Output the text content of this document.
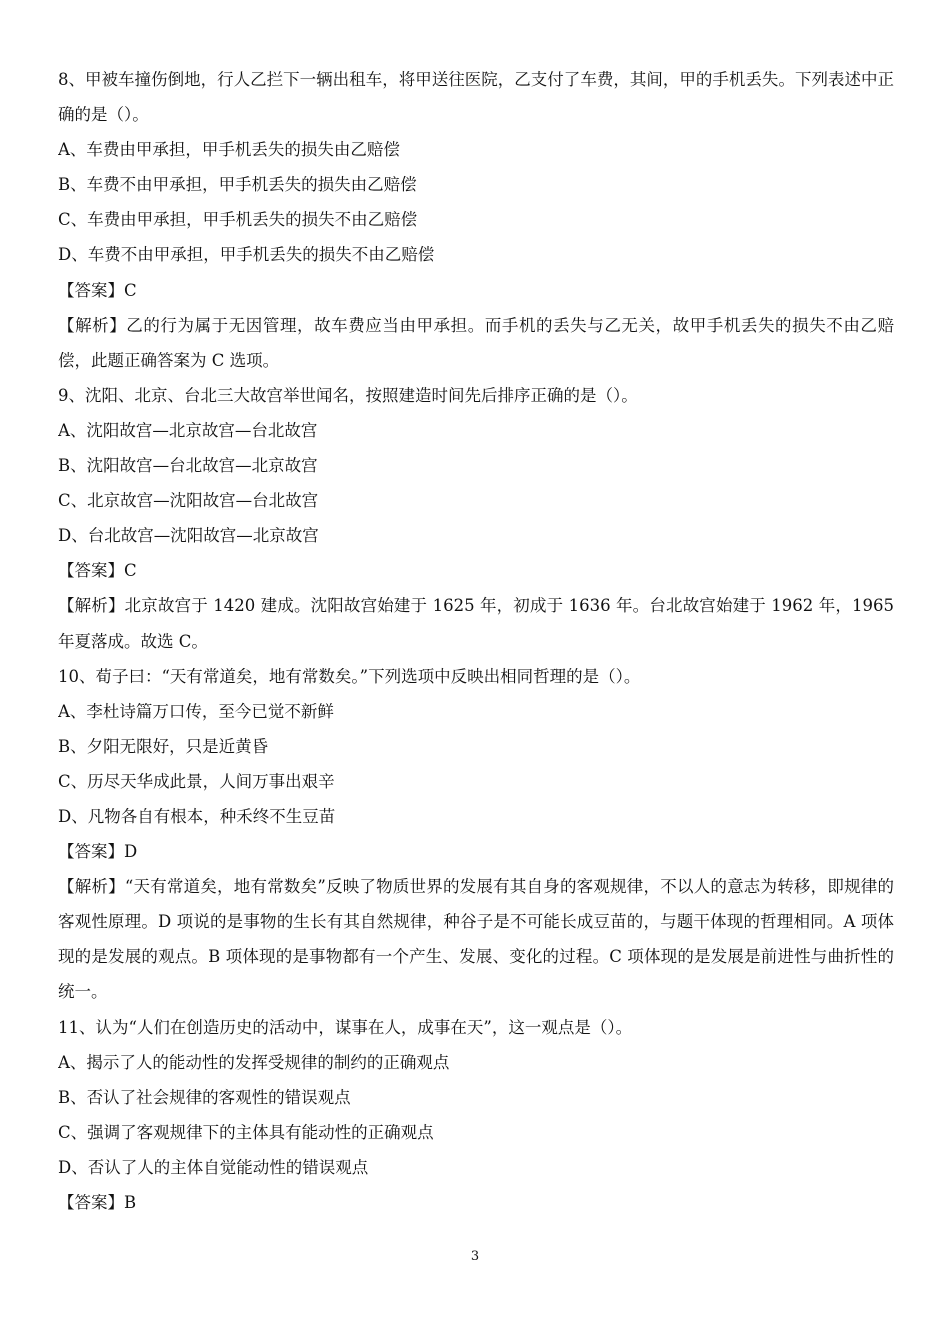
8、甲被车撞伤倒地，行人乙拦下一辆出租车，将甲送往医院，乙支付了车费，其间，甲的手机丢失。下列表述中正确的是（）。
A、车费由甲承担，甲手机丢失的损失由乙赔偿
B、车费不由甲承担，甲手机丢失的损失由乙赔偿
C、车费由甲承担，甲手机丢失的损失不由乙赔偿
D、车费不由甲承担，甲手机丢失的损失不由乙赔偿
【答案】C
【解析】乙的行为属于无因管理，故车费应当由甲承担。而手机的丢失与乙无关，故甲手机丢失的损失不由乙赔偿，此题正确答案为 C 选项。
9、沈阳、北京、台北三大故宫举世闻名，按照建造时间先后排序正确的是（）。
A、沈阳故宫—北京故宫—台北故宫
B、沈阳故宫—台北故宫—北京故宫
C、北京故宫—沈阳故宫—台北故宫
D、台北故宫—沈阳故宫—北京故宫
【答案】C
【解析】北京故宫于 1420 建成。沈阳故宫始建于 1625 年，初成于 1636 年。台北故宫始建于 1962 年，1965 年夏落成。故选 C。
10、荀子曰：“天有常道矣，地有常数矣。”下列选项中反映出相同哲理的是（）。
A、李杜诗篇万口传，至今已觉不新鲜
B、夕阳无限好，只是近黄昏
C、历尽天华成此景，人间万事出艰辛
D、凡物各自有根本，种禾终不生豆苗
【答案】D
【解析】“天有常道矣，地有常数矣”反映了物质世界的发展有其自身的客观规律，不以人的意志为转移，即规律的客观性原理。D 项说的是事物的生长有其自然规律，种谷子是不可能长成豆苗的，与题干体现的哲理相同。A 项体现的是发展的观点。B 项体现的是事物都有一个产生、发展、变化的过程。C 项体现的是发展是前进性与曲折性的统一。
11、认为“人们在创造历史的活动中，谋事在人，成事在天”，这一观点是（）。
A、揭示了人的能动性的发挥受规律的制约的正确观点
B、否认了社会规律的客观性的错误观点
C、强调了客观规律下的主体具有能动性的正确观点
D、否认了人的主体自觉能动性的错误观点
【答案】B
3
